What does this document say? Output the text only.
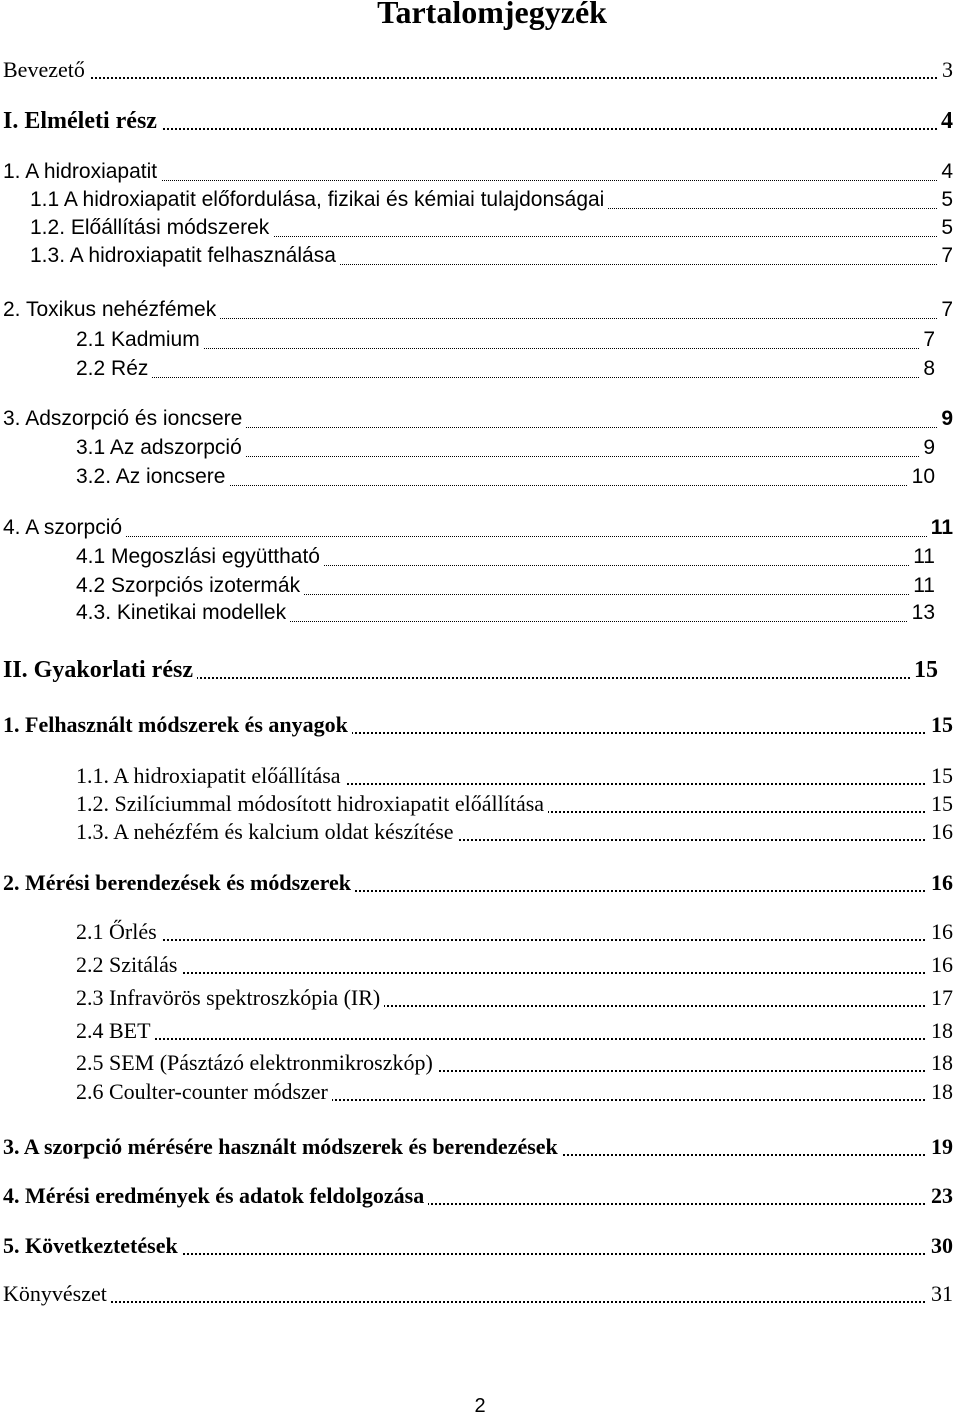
Tartalomjegyzék
Bevezető	3
I. Elméleti rész	4
1. A hidroxiapatit	4
1.1 A hidroxiapatit előfordulása, fizikai és kémiai tulajdonságai	5
1.2. Előállítási módszerek	5
1.3. A hidroxiapatit felhasználása	7
2. Toxikus nehézfémek	7
2.1 Kadmium	7
2.2 Réz	8
3. Adszorpció és ioncsere	9
3.1 Az adszorpció	9
3.2. Az ioncsere	10
4. A szorpció	11
4.1 Megoszlási együttható	11
4.2 Szorpciós izotermák	11
4.3. Kinetikai modellek	13
II. Gyakorlati rész	15
1. Felhasznált módszerek és anyagok	15
1.1. A hidroxiapatit előállítása	15
1.2. Szilíciummal módosított hidroxiapatit előállítása	15
1.3. A nehézfém és kalcium oldat készítése	16
2. Mérési berendezések és módszerek	16
2.1 Őrlés	16
2.2 Szitálás	16
2.3 Infravörös spektroszkópia (IR)	17
2.4 BET	18
2.5 SEM (Pásztázó elektronmikroszkóp)	18
2.6 Coulter-counter módszer	18
3. A szorpció mérésére használt módszerek és berendezések	19
4. Mérési eredmények és adatok feldolgozása	23
5. Következtetések	30
Könyvészet	31
2
